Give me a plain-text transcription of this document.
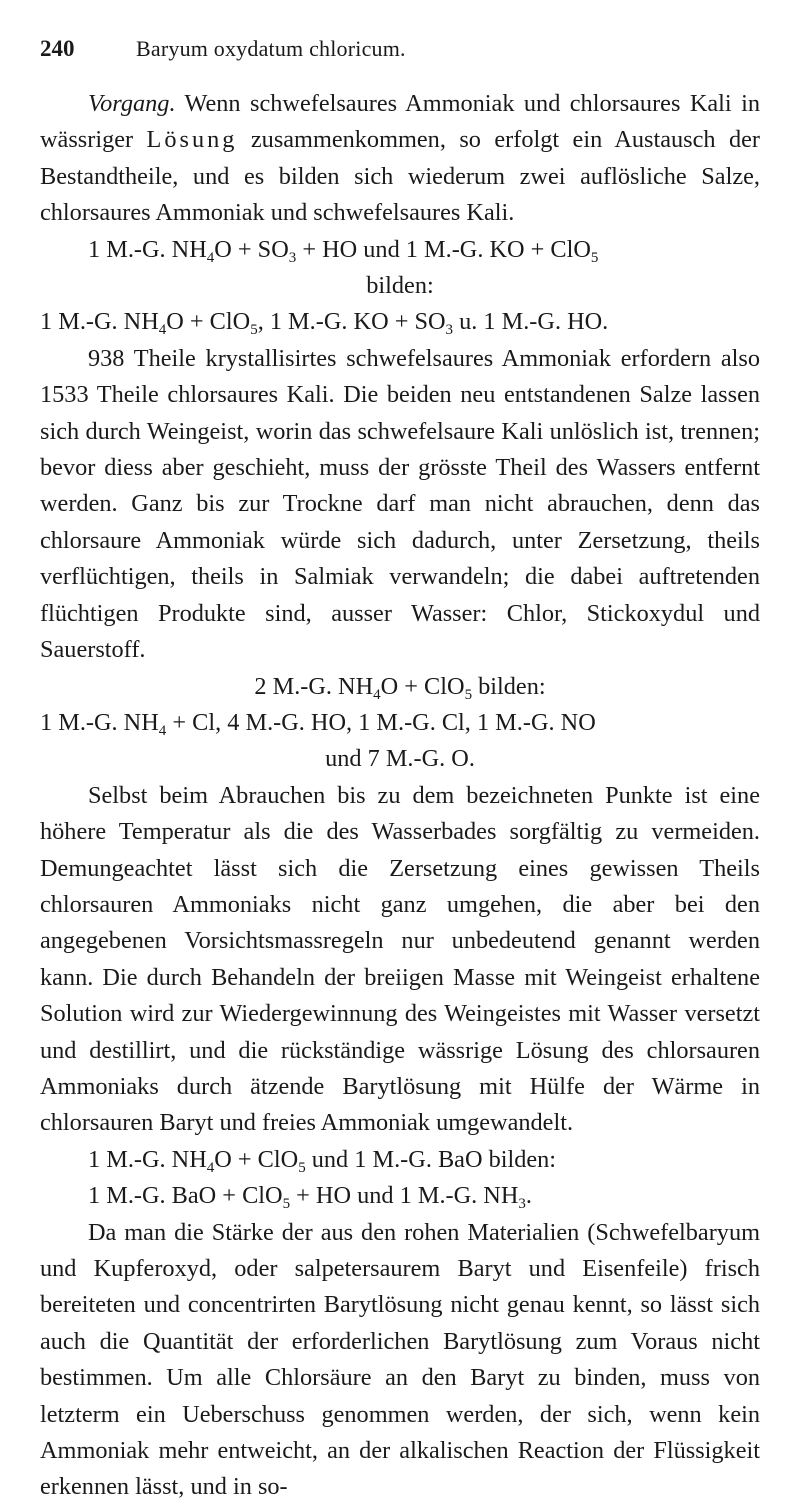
240	Baryum oxydatum chloricum.

Vorgang. Wenn schwefelsaures Ammoniak und chlorsaures Kali in wässriger Lösung zusammenkommen, so erfolgt ein Austausch der Bestandtheile, und es bilden sich wiederum zwei auflösliche Salze, chlorsaures Ammoniak und schwefelsaures Kali.

1 M.-G. $NH_4O + SO_3$ + HO und 1 M.-G. KO + ClO$_5$

bilden:

1 M.-G. $NH_4O + ClO_5$, 1 M.-G. KO + $SO_3$ u. 1 M.-G. HO.

938 Theile krystallisirtes schwefelsaures Ammoniak erfordern also 1533 Theile chlorsaures Kali. Die beiden neu entstandenen Salze lassen sich durch Weingeist, worin das schwefelsaure Kali unlöslich ist, trennen; bevor diess aber geschieht, muss der grösste Theil des Wassers entfernt werden. Ganz bis zur Trockne darf man nicht abrauchen, denn das chlorsaure Ammoniak würde sich dadurch, unter Zersetzung, theils verflüchtigen, theils in Salmiak verwandeln; die dabei auftretenden flüchtigen Produkte sind, ausser Wasser: Chlor, Stickoxydul und Sauerstoff.

2 M.-G. $NH_4O + ClO_5$ bilden:

1 M.-G. $NH_4 + Cl$, 4 M.-G. HO, 1 M.-G. Cl, 1 M.-G. NO

und 7 M.-G. O.

Selbst beim Abrauchen bis zu dem bezeichneten Punkte ist eine höhere Temperatur als die des Wasserbades sorgfältig zu vermeiden. Demungeachtet lässt sich die Zersetzung eines gewissen Theils chlorsauren Ammoniaks nicht ganz umgehen, die aber bei den angegebenen Vorsichtsmassregeln nur unbedeutend genannt werden kann. Die durch Behandeln der breiigen Masse mit Weingeist erhaltene Solution wird zur Wiedergewinnung des Weingeistes mit Wasser versetzt und destillirt, und die rückständige wässrige Lösung des chlorsauren Ammoniaks durch ätzende Barytlösung mit Hülfe der Wärme in chlorsauren Baryt und freies Ammoniak umgewandelt.

1 M.-G. $NH_4O + ClO_5$ und 1 M.-G. BaO bilden:

1 M.-G. BaO + ClO$_5$ + HO und 1 M.-G. $NH_3$.

Da man die Stärke der aus den rohen Materialien (Schwefelbaryum und Kupferoxyd, oder salpetersaurem Baryt und Eisenfeile) frisch bereiteten und concentrirten Barytlösung nicht genau kennt, so lässt sich auch die Quantität der erforderlichen Barytlösung zum Voraus nicht bestimmen. Um alle Chlorsäure an den Baryt zu binden, muss von letzterm ein Ueberschuss genommen werden, der sich, wenn kein Ammoniak mehr entweicht, an der alkalischen Reaction der Flüssigkeit erkennen lässt, und in so-
